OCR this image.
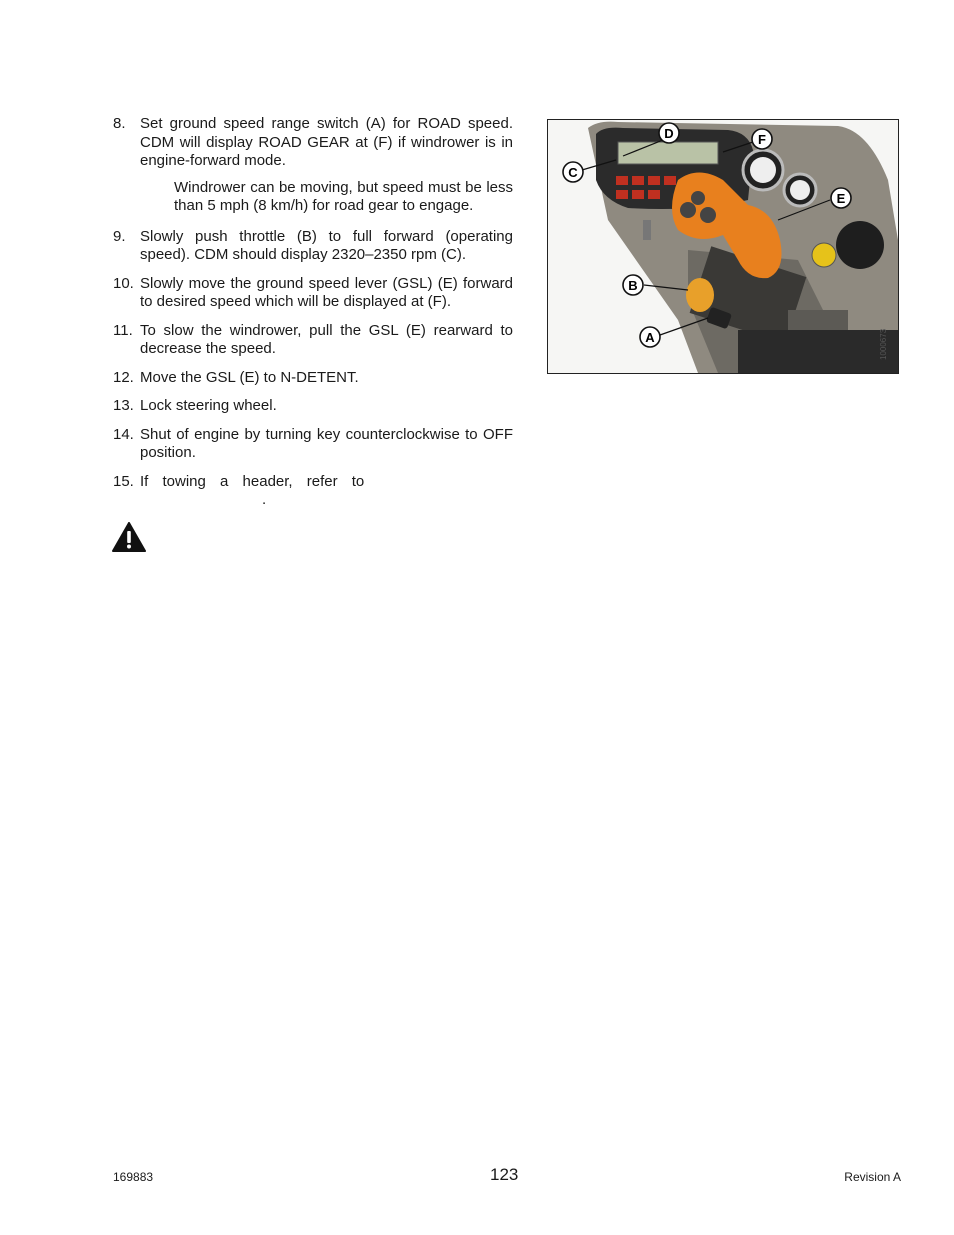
8. Set ground speed range switch (A) for ROAD speed. CDM will display ROAD GEAR at (F) if windrower is in engine-forward mode.
Windrower can be moving, but speed must be less than 5 mph (8 km/h) for road gear to engage.
9. Slowly push throttle (B) to full forward (operating speed). CDM should display 2320–2350 rpm (C).
10. Slowly move the ground speed lever (GSL) (E) forward to desired speed which will be displayed at (F).
11. To slow the windrower, pull the GSL (E) rearward to decrease the speed.
12. Move the GSL (E) to N-DETENT.
13. Lock steering wheel.
14. Shut of engine by turning key counterclockwise to OFF position.
15. If towing a header, refer to
.
1000673
D	F
C
E
B
A
169883	123	Revision A
